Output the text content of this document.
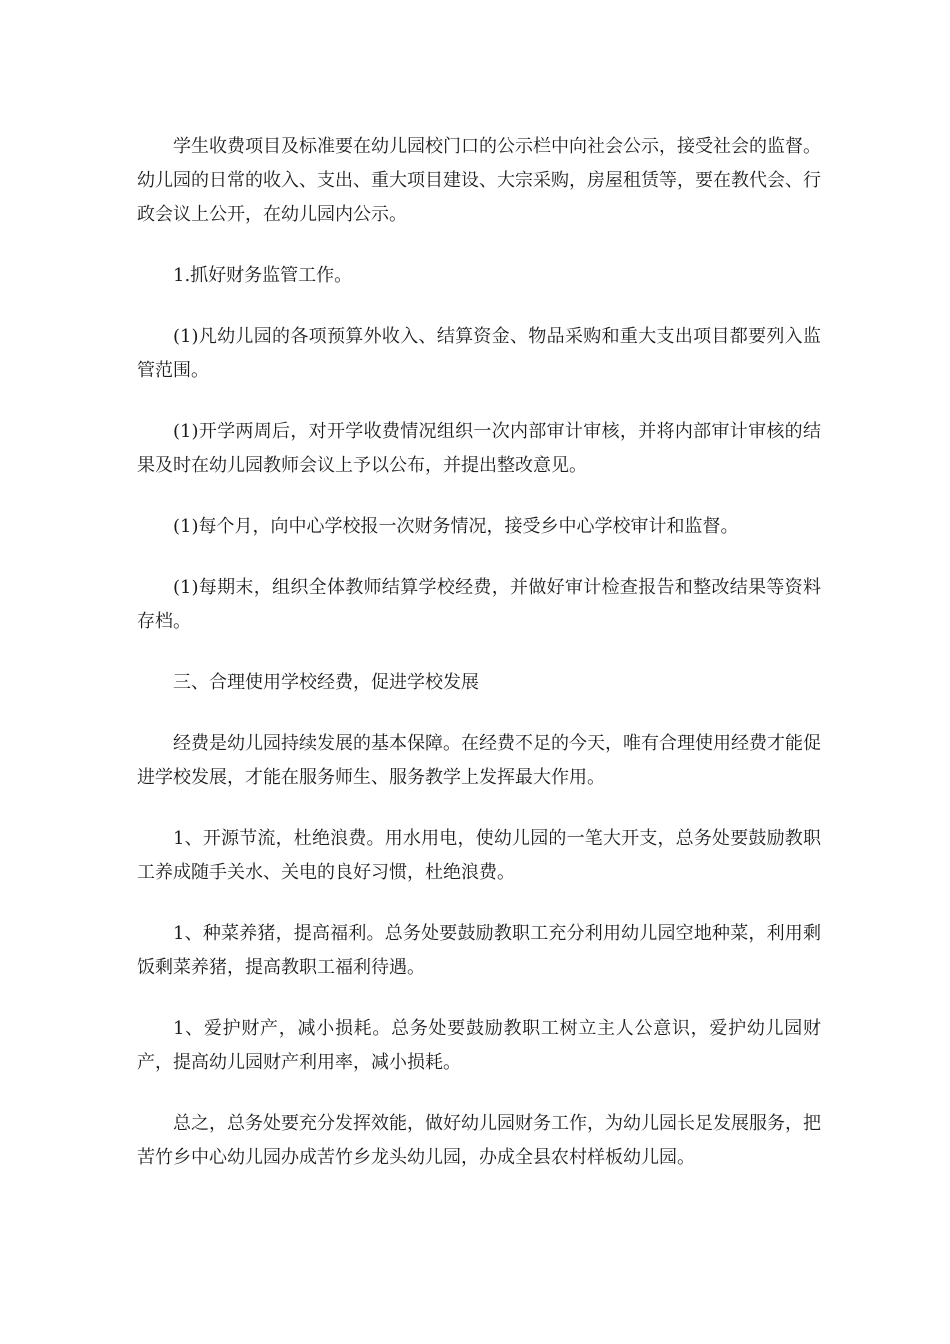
学生收费项目及标准要在幼儿园校门口的公示栏中向社会公示，接受社会的监督。幼儿园的日常的收入、支出、重大项目建设、大宗采购，房屋租赁等，要在教代会、行政会议上公开，在幼儿园内公示。

1.抓好财务监管工作。

(1)凡幼儿园的各项预算外收入、结算资金、物品采购和重大支出项目都要列入监管范围。

(1)开学两周后，对开学收费情况组织一次内部审计审核，并将内部审计审核的结果及时在幼儿园教师会议上予以公布，并提出整改意见。

(1)每个月，向中心学校报一次财务情况，接受乡中心学校审计和监督。

(1)每期末，组织全体教师结算学校经费，并做好审计检查报告和整改结果等资料存档。

三、合理使用学校经费，促进学校发展

经费是幼儿园持续发展的基本保障。在经费不足的今天，唯有合理使用经费才能促进学校发展，才能在服务师生、服务教学上发挥最大作用。

1、开源节流，杜绝浪费。用水用电，使幼儿园的一笔大开支，总务处要鼓励教职工养成随手关水、关电的良好习惯，杜绝浪费。

1、种菜养猪，提高福利。总务处要鼓励教职工充分利用幼儿园空地种菜，利用剩饭剩菜养猪，提高教职工福利待遇。

1、爱护财产，减小损耗。总务处要鼓励教职工树立主人公意识，爱护幼儿园财产，提高幼儿园财产利用率，减小损耗。

总之，总务处要充分发挥效能，做好幼儿园财务工作，为幼儿园长足发展服务，把苦竹乡中心幼儿园办成苦竹乡龙头幼儿园，办成全县农村样板幼儿园。
